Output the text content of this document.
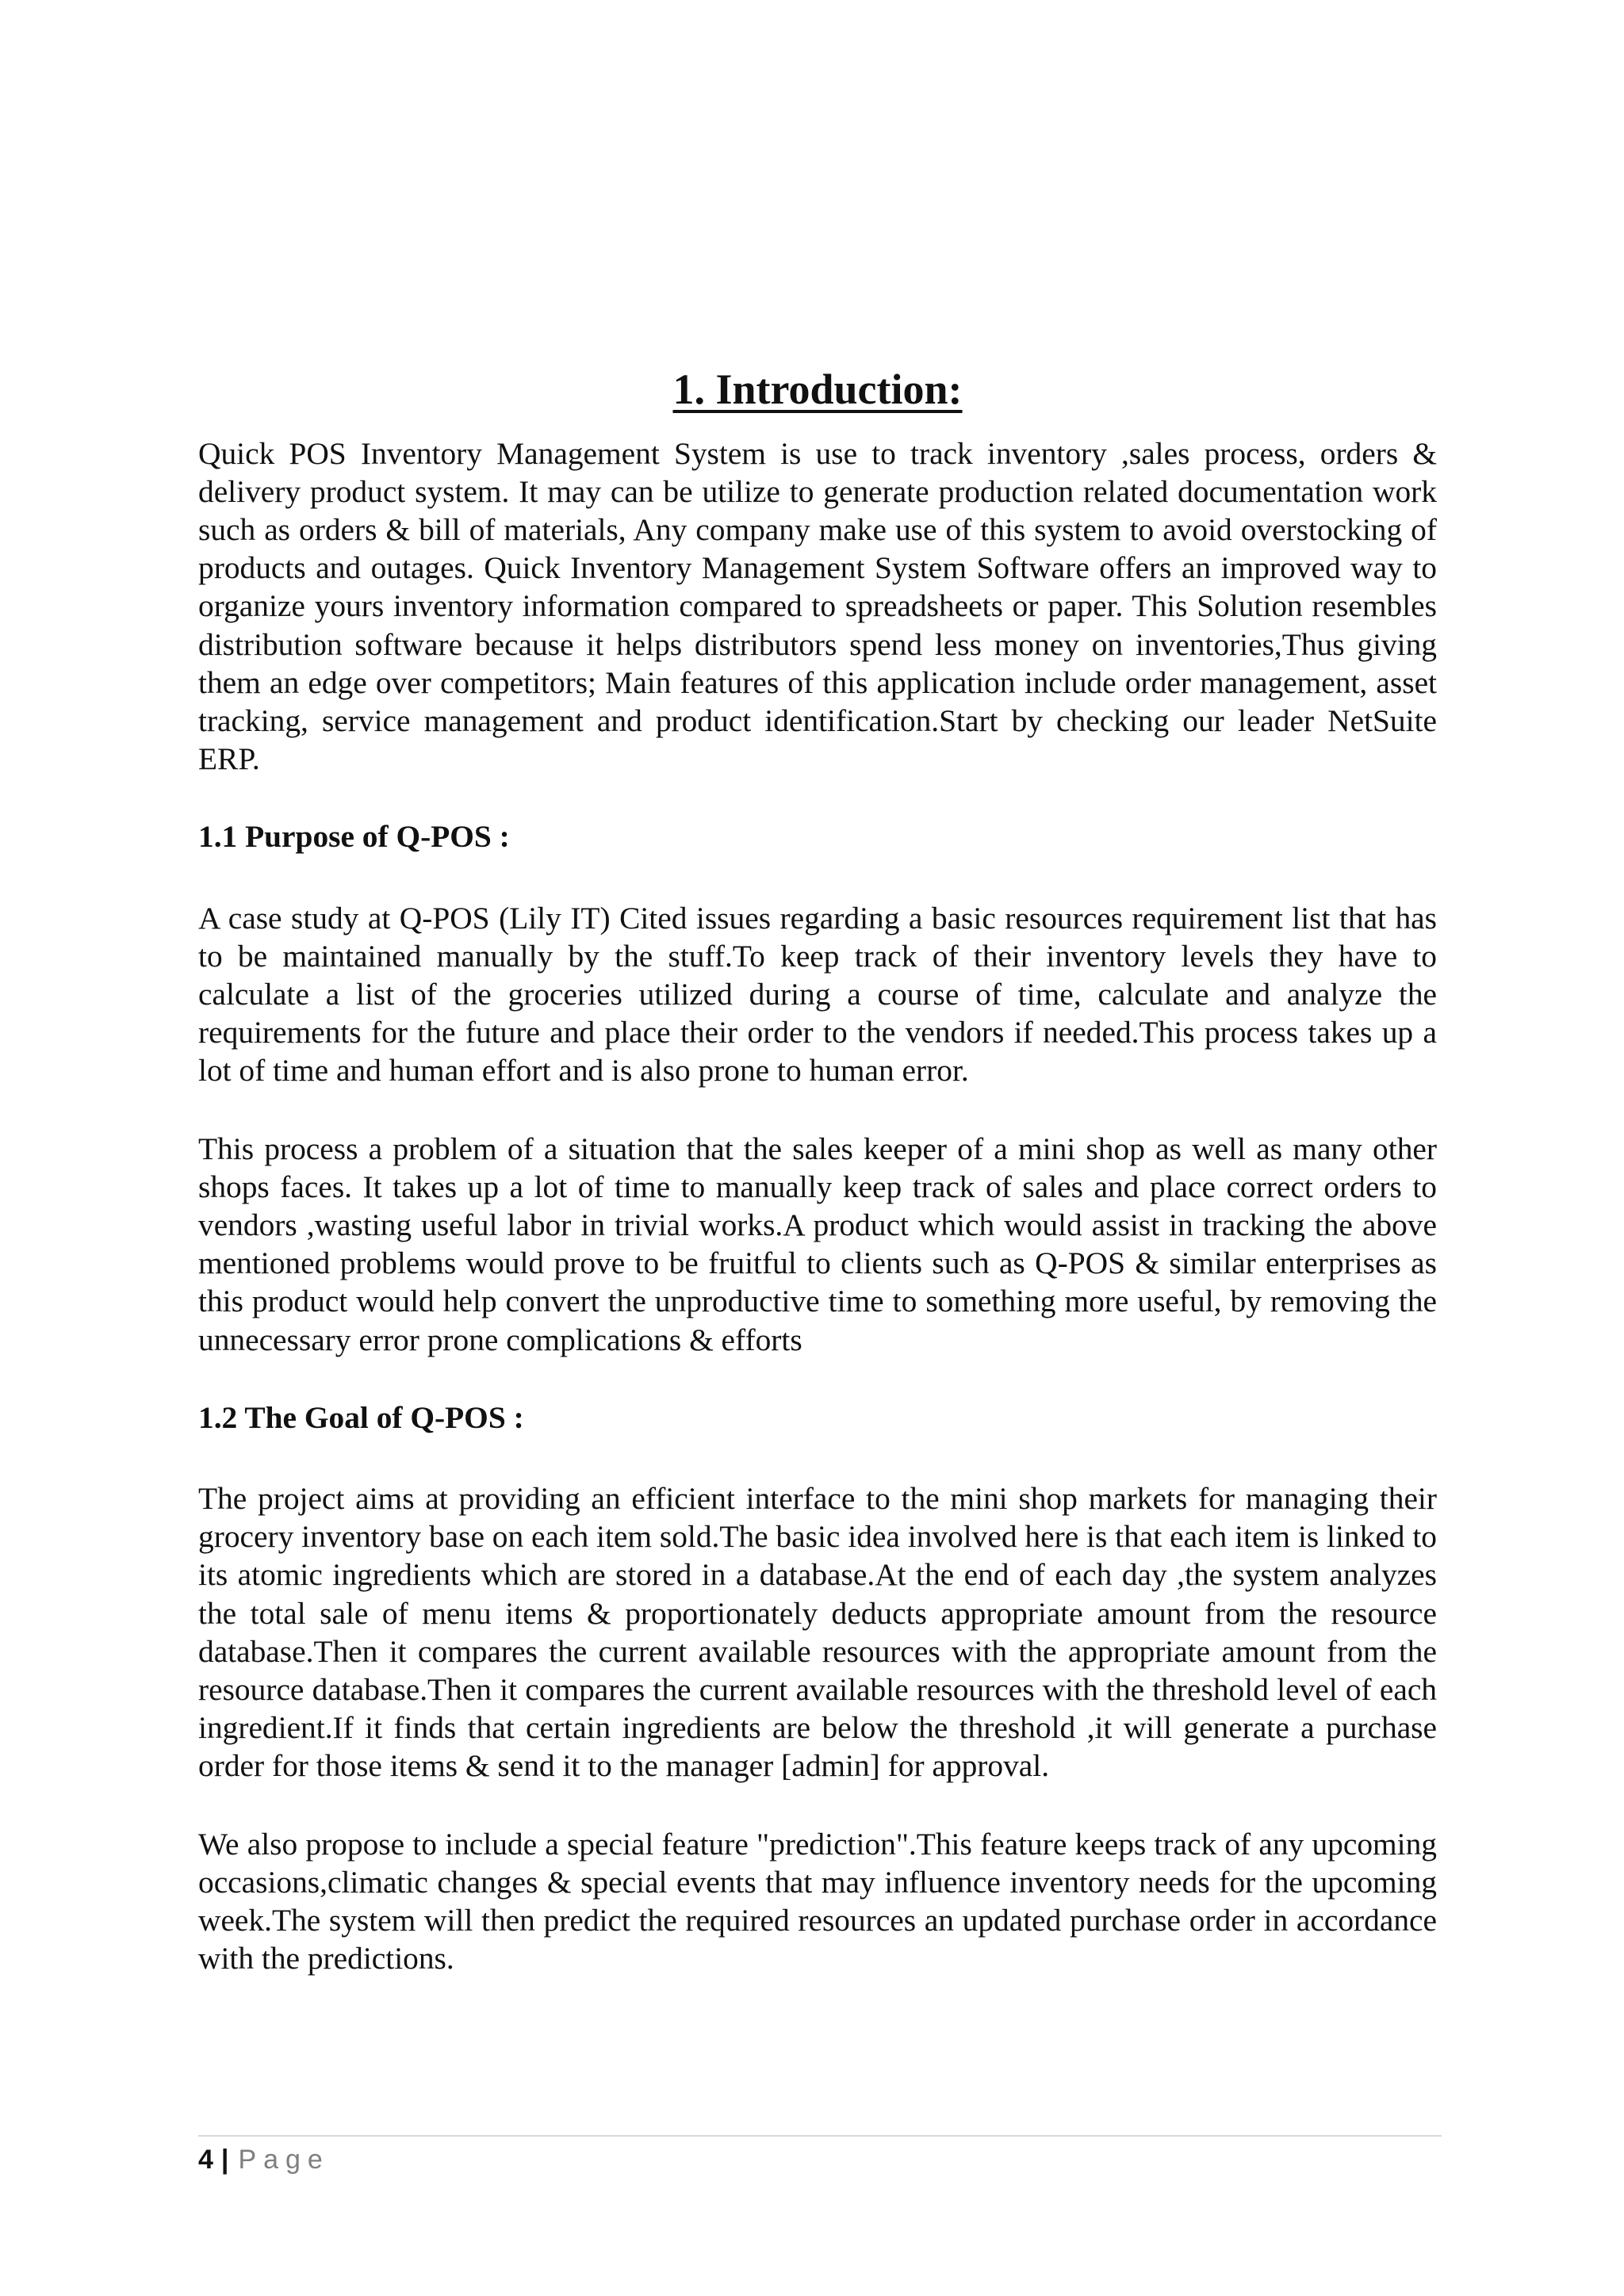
1. Introduction:

Quick POS Inventory Management System is use to track inventory ,sales process, orders & delivery product system. It may can be utilize to generate production related documentation work such as orders & bill of materials, Any company make use of this system to avoid overstocking of products and outages. Quick Inventory Management System Software offers an improved way to organize yours inventory information compared to spreadsheets or paper. This Solution resembles distribution software because it helps distributors spend less money on inventories,Thus giving them an edge over competitors; Main features of this application include order management, asset tracking, service management and product identification.Start by checking our leader NetSuite ERP.

1.1 Purpose of Q-POS :

A case study at Q-POS (Lily IT) Cited issues regarding a basic resources requirement list that has to be maintained manually by the stuff.To keep track of their inventory levels they have to calculate a list of the groceries utilized during a course of time, calculate and analyze the requirements for the future and place their order to the vendors if needed.This process takes up a lot of time and human effort and is also prone to human error.

This process a problem of a situation that the sales keeper of a mini shop as well as many other shops faces. It takes up a lot of time to manually keep track of sales and place correct orders to vendors ,wasting useful labor in trivial works.A product which would assist in tracking the above mentioned problems would prove to be fruitful to clients such as Q-POS & similar enterprises as this product would help convert the unproductive time to something more useful, by removing the unnecessary error prone complications & efforts

1.2 The Goal of Q-POS :

The project aims at providing an efficient interface to the mini shop markets for managing their grocery inventory base on each item sold.The basic idea involved here is that each item is linked to its atomic ingredients which are stored in a database.At the end of each day ,the system analyzes the total sale of menu items & proportionately deducts appropriate amount from the resource database.Then it compares the current available resources with the appropriate amount from the resource database.Then it compares the current available resources with the threshold level of each ingredient.If it finds that certain ingredients are below the threshold ,it will generate a purchase order for those items & send it to the manager [admin] for approval.

We also propose to include a special feature "prediction".This feature keeps track of any upcoming occasions,climatic changes & special events that may influence inventory needs for the upcoming week.The system will then predict the required resources an updated purchase order in accordance with the predictions.

4 | Page
